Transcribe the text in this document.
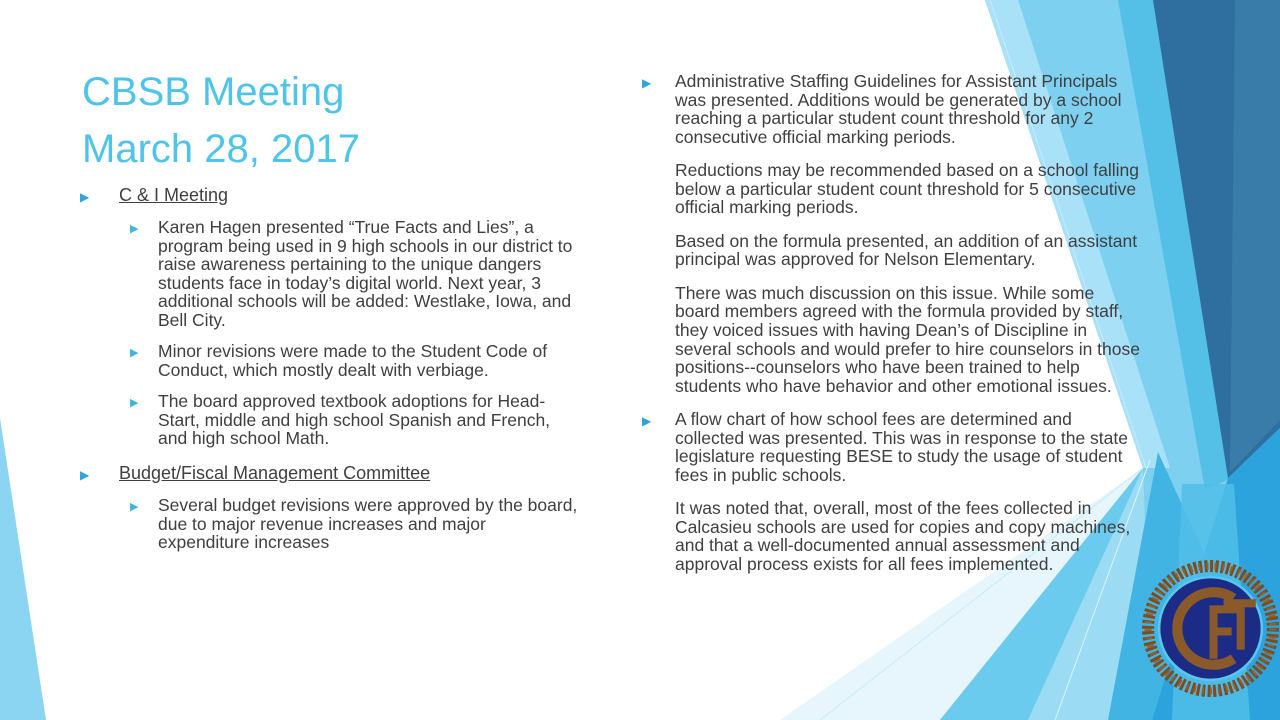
CBSB Meeting
March 28, 2017
▶	C & I Meeting
▶	Karen Hagen presented “True Facts and Lies”, a program being used in 9 high schools in our district to raise awareness pertaining to the unique dangers students face in today’s digital world. Next year, 3 additional schools will be added: Westlake, Iowa, and Bell City.
▶	Minor revisions were made to the Student Code of Conduct, which mostly dealt with verbiage.
▶	The board approved textbook adoptions for Head-Start, middle and high school Spanish and French, and high school Math.
▶	Budget/Fiscal Management Committee
▶	Several budget revisions were approved by the board, due to major revenue increases and major expenditure increases
▶	Administrative Staffing Guidelines for Assistant Principals was presented. Additions would be generated by a school reaching a particular student count threshold for any 2 consecutive official marking periods.
Reductions may be recommended based on a school falling below a particular student count threshold for 5 consecutive official marking periods.
Based on the formula presented, an addition of an assistant principal was approved for Nelson Elementary.
There was much discussion on this issue. While some board members agreed with the formula provided by staff, they voiced issues with having Dean’s of Discipline in several schools and would prefer to hire counselors in those positions--counselors who have been trained to help students who have behavior and other emotional issues.
▶	A flow chart of how school fees are determined and collected was presented. This was in response to the state legislature requesting BESE to study the usage of student fees in public schools.
It was noted that, overall, most of the fees collected in Calcasieu schools are used for copies and copy machines, and that a well-documented annual assessment and approval process exists for all fees implemented.
